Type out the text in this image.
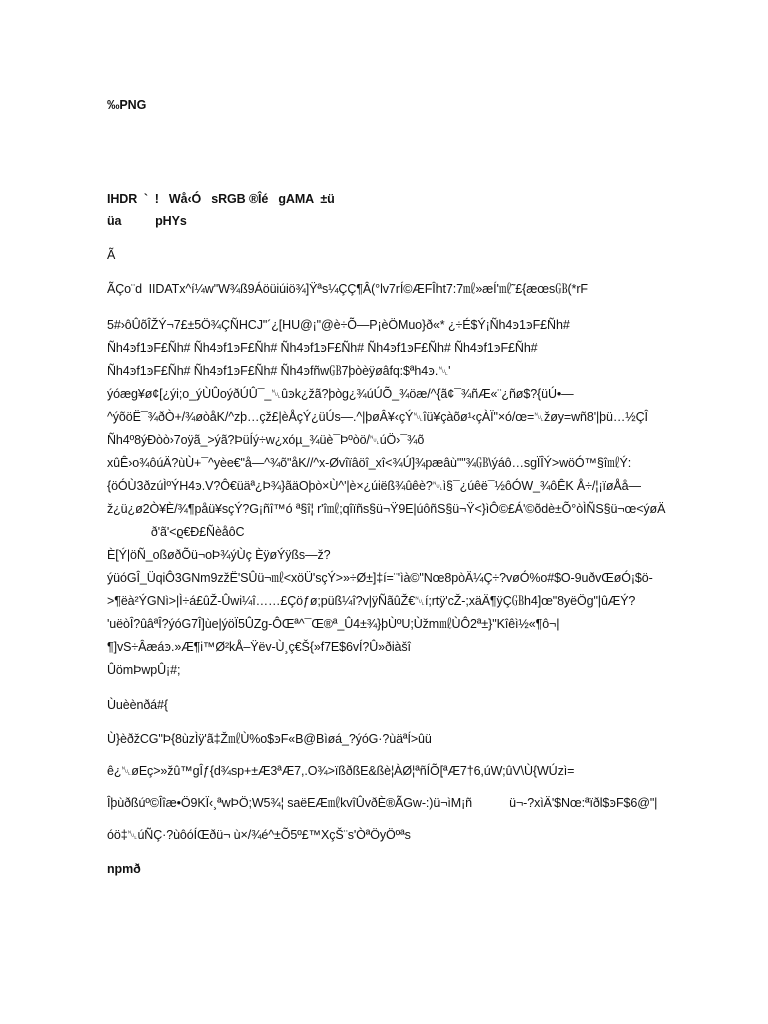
‰PNG
IHDR  `  !   Wå‹Ó   sRGB ®Îé   gAMA  ±ü
üa          pHYs
Ã
ÃÇo¨d  IIDATx^í¼w"W¾ß9Áöüiúiö¾]Ÿªs¼ÇÇ¶Â(°lv7rÍ©ÆFÎht7:7㎖»æÍ'㎖˜£{æœs㎇(*rF
5#›ôÛõÎŽÝ¬7£±5Ö¾ÇÑHCJ"´¿[HU@¡"@è÷Õ—P¡èÖMuo}ð«* ¿÷É$Ý¡Ñh4ꜿ1ꜿF£Ñh#
Ñh4ꜿf1ꜿF£Ñh# Ñh4ꜿf1ꜿF£Ñh# Ñh4ꜿf1ꜿF£Ñh# Ñh4ꜿf1ꜿF£Ñh# Ñh4ꜿf1ꜿF£Ñh#
Ñh4ꜿf1ꜿF£Ñh# Ñh4ꜿf1ꜿF£Ñh# Ñh4ꜿfñw㎇7þòèÿøâfq:$ªh4ꜿ.␀'
ýóæg¥ø¢[¿ýi;o_ýÙÛoýðÚÛ¯_␀ûꜿk¿žã?þòg¿¾úÚÕ_¾öæ/^{ã¢¯¾ñÆ«¨¿ñø$?{üÚ•—
^ýõöË¯¾ðÒ+/¾øòåK/^zþ…çž£|èÅçÝ¿üÚs—.^|þøÂ¥‹çÝ␀îü¥çàõø¹‹çÀÏ"×ó/œ=␀žøy=wñ8'|þü…½ÇÎ
Ñh4º8ýÐòò›7oÿã_>ýã?ÞüÍý÷w¿xóµ_¾üè¯Þºòö/␀úÖ›¯¾õ
xûÊ›o¾ôúÄ?ùÙ+¯^yèe€"å—^¾õ"åK//^x-Øvîïâöî_xî<¾Ú]¾pæâù""¾㎇\ýáô…sgÏÎÝ>wöÓ™§î㎖Ý:
{öÓÙ3ðzúÌºÝH4ꜿ.V?Ô€üäª¿Þ¾}ãäOþò×Ù^'|è×¿úiëß¾ûêè?␀ì§¯¿úêë¯½ôÓW_¾ôÊK Å÷/¦¡ïøÅå—
ž¿ü¿ø2Ò¥È/¾¶påü¥sçÝ?G¡ñî™ó ª§î¦ r'î㎖;qîïñs§ü¬Ÿ9E|úôñS§ü¬Ÿ<}ìÔ©£Á'©õdè±Õ°òÌÑS§ü¬œ<ýøÄ
ð'ã'<ϱ€Ð£ÑèåôC
È[Ý|öÑ_oßøðÕü¬oÞ¾ýÙç ÈÿøÝÿßs—ž?
ýüóGÎ_ÜqiÔ3GNm9zžË'SÛü¬㎖<xöÜ'sçÝ>»÷Ø±]‡í=¨'ìà©"Nœ8pòÄ¼Ç÷?vøÓ%o#$O-9uðvŒøÓ¡$ö-
>¶ëà²ÝGNì>|Ì÷á£ûŽ-Ûwi¼î……£Çöƒø;püß¼î?v|ÿÑãûŽ€␀í;rtÿ'cŽ-;xäÄ¶ÿÇ㎇h4]œ"8yëÖg"|ûÆÝ?
'uëòÎ?ûâªÎ?ýóG7Î]ùe|ýöÏ5ÛZg-ÔŒª^¯Œ®ª_Û4±¾}þÙºU;Ùžm㎖ÙÔ2ª±}"Kîêì½«¶ô¬|
¶]vS÷Âæáꜿ.»Æ¶i™Ø²kÅ–Ÿëv-Ù¸ç€Š{»f7E$6vÍ?Û»ðiàšî
ÛömÞwpÛ¡#;
Ùuèènðá#{
Ù}èðžCG"Þ{8ùzÌÿ'ã‡Ž㎖Ù%o$ꜿF«B@Bìøá_?ýóG·?ùäªÍ>ûü
ê¿␀øEç>»žû™gÎƒ{d¾sp+±Æ3ªÆ7,.O¾>ïßðßE&ßè¦ÀØ¦ªñÍÕ[ªÆ7†6,úW;ûV\Ù{WÚzì=
Îþùðßúº©Îîæ•Ö9KÏ‹¸ªwÞÖ;W5¾¦ saëEÆ㎖kvîÛvðÈ®ÃGw-:)ü¬ìM¡ñ           ü¬-?xìÄ'$Nœ:ªïðl$ꜿF$6@"|
óö‡␀úÑÇ·?ùôóÍŒðü¬ ù×/¾é^±Õ5º£™XçŠ¨s'ÒªÖyÖºªs
npmð
